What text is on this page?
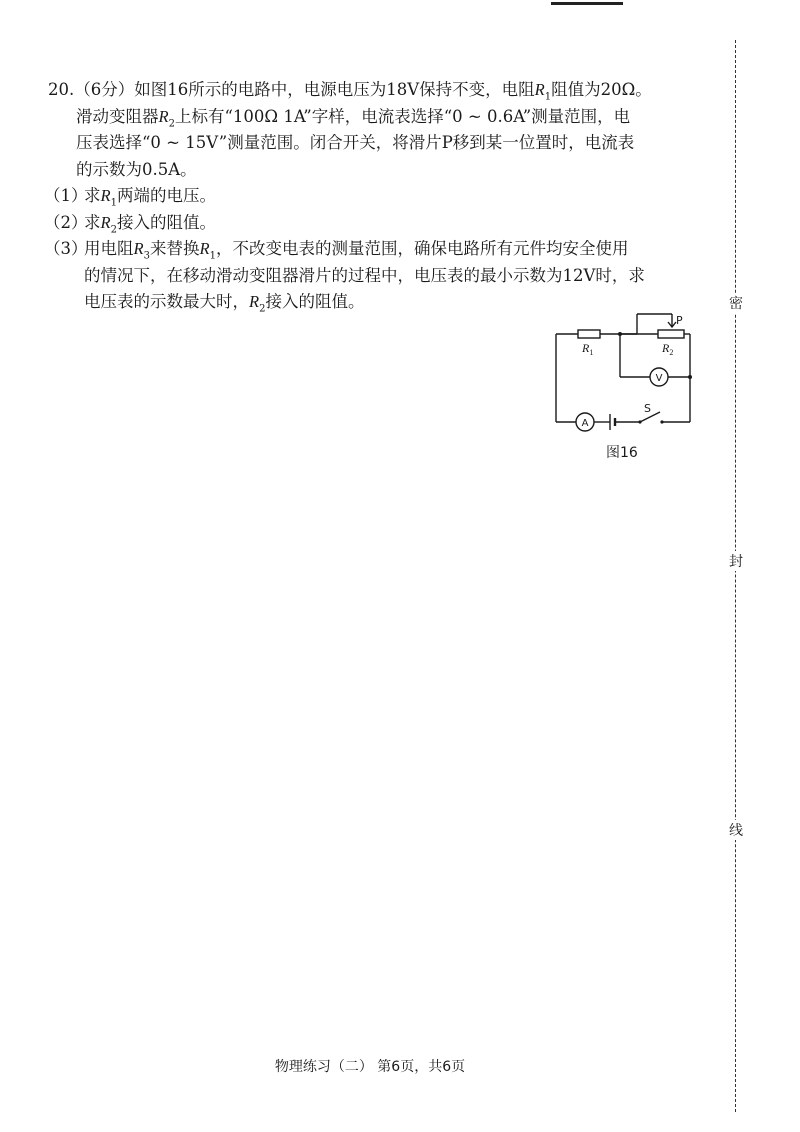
20.（6分）如图16所示的电路中，电源电压为18V保持不变，电阻$R_1$阻值为20Ω。
滑动变阻器$R_2$上标有“100Ω 1A”字样，电流表选择“0 ~ 0.6A”测量范围，电
压表选择“0 ~ 15V”测量范围。闭合开关，将滑片P移到某一位置时，电流表
的示数为0.5A。
（1）
求$R_1$两端的电压。
（2）
求$R_2$接入的阻值。
（3）
用电阻$R_3$来替换$R_1$，不改变电表的测量范围，确保电路所有元件均安全使用
的情况下，在移动滑动变阻器滑片的过程中，电压表的最小示数为12V时，求
电压表的示数最大时，$R_2$接入的阻值。
$R_1$	$R_2$
P
V
A
S
图16
物理练习（二） 第6页，共6页
密
封
线
